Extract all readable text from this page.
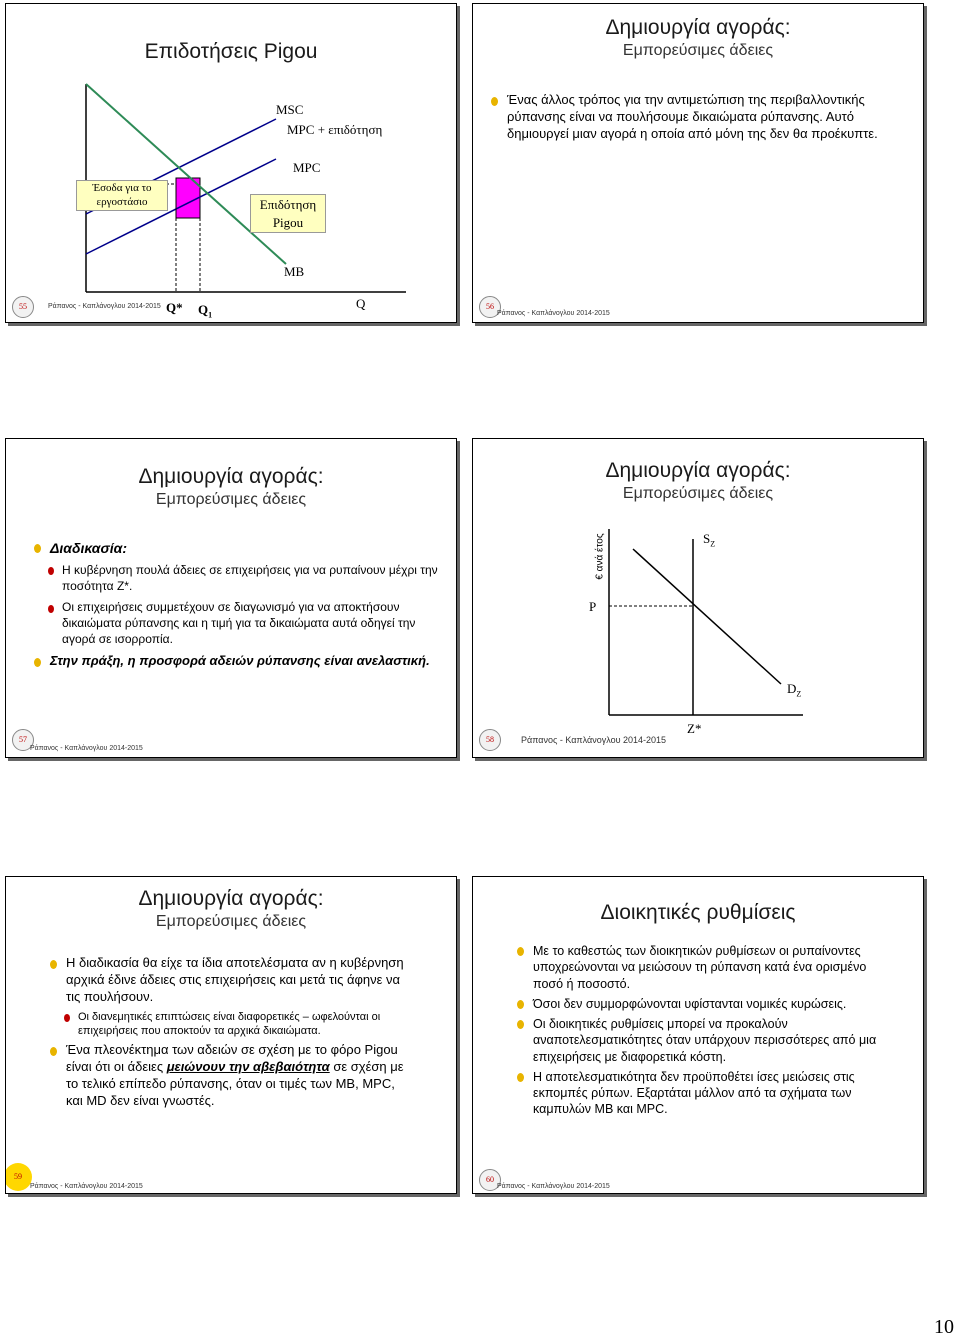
Επιδοτήσεις Pigou
Έσοδα για το εργοστάσιο
MSC
MPC + επιδότηση
MPC
Επιδότηση Pigou
MB
Q* $Q_1$
Q
55	Ράπανος - Καπλάνογλου 2014-2015
Δημιουργία αγοράς:
Εμπορεύσιμες άδειες
Ένας άλλος τρόπος για την αντιμετώπιση της περιβαλλοντικής ρύπανσης είναι να πουλήσουμε δικαιώματα ρύπανσης. Αυτό δημιουργεί μιαν αγορά η οποία από μόνη της δεν θα προέκυπτε.
56
Ράπανος - Καπλάνογλου 2014-2015
Δημιουργία αγοράς:
Εμπορεύσιμες άδειες
Διαδικασία:
Η κυβέρνηση πουλά άδειες σε επιχειρήσεις για να ρυπαίνουν μέχρι την ποσότητα Ζ*.
Οι επιχειρήσεις συμμετέχουν σε διαγωνισμό για να αποκτήσουν δικαιώματα ρύπανσης και η τιμή για τα δικαιώματα αυτά οδηγεί την αγορά σε ισορροπία.
Στην πράξη, η προσφορά αδειών ρύπανσης είναι ανελαστική.
57
Ράπανος - Καπλάνογλου 2014-2015
Δημιουργία αγοράς:
Εμπορεύσιμες άδειες
€ ανά έτος
P
$S_Z$
$D_Z$
Z*
58	Ράπανος - Καπλάνογλου 2014-2015
Δημιουργία αγοράς:
Εμπορεύσιμες άδειες
Η διαδικασία θα είχε τα ίδια αποτελέσματα αν η κυβέρνηση αρχικά έδινε άδειες στις επιχειρήσεις και μετά τις άφηνε να τις πουλήσουν.
Οι διανεμητικές επιπτώσεις είναι διαφορετικές – ωφελούνται οι επιχειρήσεις που αποκτούν τα αρχικά δικαιώματα.
Ένα πλεονέκτημα των αδειών σε σχέση με το φόρο Pigou είναι ότι οι άδειες μειώνουν την αβεβαιότητα σε σχέση με το τελικό επίπεδο ρύπανσης, όταν οι τιμές των MB, MPC, και MD δεν είναι γνωστές.
59
Ράπανος - Καπλάνογλου 2014-2015
Διοικητικές ρυθμίσεις
Με το καθεστώς των διοικητικών ρυθμίσεων οι ρυπαίνοντες υποχρεώνονται να μειώσουν τη ρύπανση κατά ένα ορισμένο ποσό ή ποσοστό.
Όσοι δεν συμμορφώνονται υφίστανται νομικές κυρώσεις.
Οι διοικητικές ρυθμίσεις μπορεί να προκαλούν αναποτελεσματικότητες όταν υπάρχουν περισσότερες από μια επιχειρήσεις με διαφορετικά κόστη.
Η αποτελεσματικότητα δεν προϋποθέτει ίσες μειώσεις στις εκπομπές ρύπων. Εξαρτάται μάλλον από τα σχήματα των καμπυλών MB και MPC.
60
Ράπανος - Καπλάνογλου 2014-2015
10
